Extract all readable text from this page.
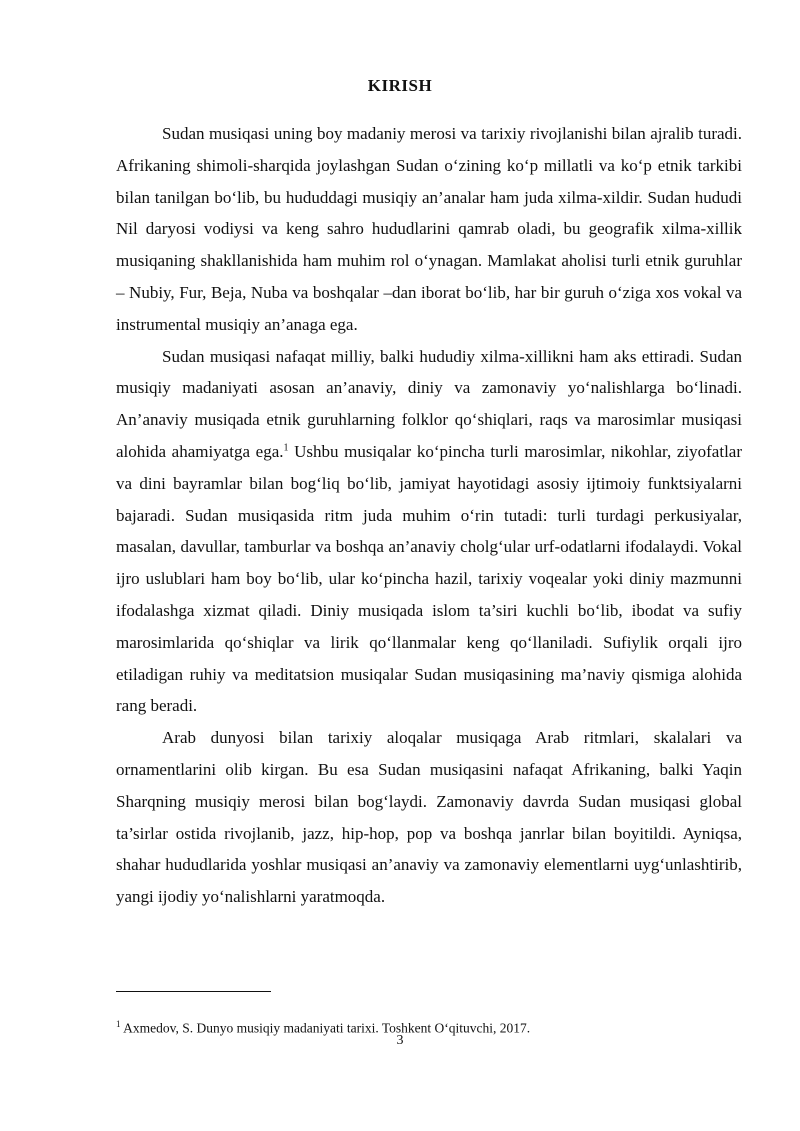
KIRISH

Sudan musiqasi uning boy madaniy merosi va tarixiy rivojlanishi bilan ajralib turadi. Afrikaning shimoli-sharqida joylashgan Sudan o‘zining ko‘p millatli va ko‘p etnik tarkibi bilan tanilgan bo‘lib, bu hududdagi musiqiy an’analar ham juda xilma-xildir. Sudan hududi Nil daryosi vodiysi va keng sahro hududlarini qamrab oladi, bu geografik xilma-xillik musiqaning shakllanishida ham muhim rol o‘ynagan. Mamlakat aholisi turli etnik guruhlar – Nubiy, Fur, Beja, Nuba va boshqalar –dan iborat bo‘lib, har bir guruh o‘ziga xos vokal va instrumental musiqiy an’anaga ega.

Sudan musiqasi nafaqat milliy, balki hududiy xilma-xillikni ham aks ettiradi. Sudan musiqiy madaniyati asosan an’anaviy, diniy va zamonaviy yo‘nalishlarga bo‘linadi. An’anaviy musiqada etnik guruhlarning folklor qo‘shiqlari, raqs va marosimlar musiqasi alohida ahamiyatga ega.$^1$ Ushbu musiqalar ko‘pincha turli marosimlar, nikohlar, ziyofatlar va dini bayramlar bilan bog‘liq bo‘lib, jamiyat hayotidagi asosiy ijtimoiy funktsiyalarni bajaradi. Sudan musiqasida ritm juda muhim o‘rin tutadi: turli turdagi perkusiyalar, masalan, davullar, tamburlar va boshqa an’anaviy cholg‘ular urf-odatlarni ifodalaydi. Vokal ijro uslublari ham boy bo‘lib, ular ko‘pincha hazil, tarixiy voqealar yoki diniy mazmunni ifodalashga xizmat qiladi. Diniy musiqada islom ta’siri kuchli bo‘lib, ibodat va sufiy marosimlarida qo‘shiqlar va lirik qo‘llanmalar keng qo‘llaniladi. Sufiylik orqali ijro etiladigan ruhiy va meditatsion musiqalar Sudan musiqasining ma’naviy qismiga alohida rang beradi.

Arab dunyosi bilan tarixiy aloqalar musiqaga Arab ritmlari, skalalari va ornamentlarini olib kirgan. Bu esa Sudan musiqasini nafaqat Afrikaning, balki Yaqin Sharqning musiqiy merosi bilan bog‘laydi. Zamonaviy davrda Sudan musiqasi global ta’sirlar ostida rivojlanib, jazz, hip-hop, pop va boshqa janrlar bilan boyitildi. Ayniqsa, shahar hududlarida yoshlar musiqasi an’anaviy va zamonaviy elementlarni uyg‘unlashtirib, yangi ijodiy yo‘nalishlarni yaratmoqda.

$^1$ Axmedov, S. Dunyo musiqiy madaniyati tarixi. Toshkent O‘qituvchi, 2017.
3
